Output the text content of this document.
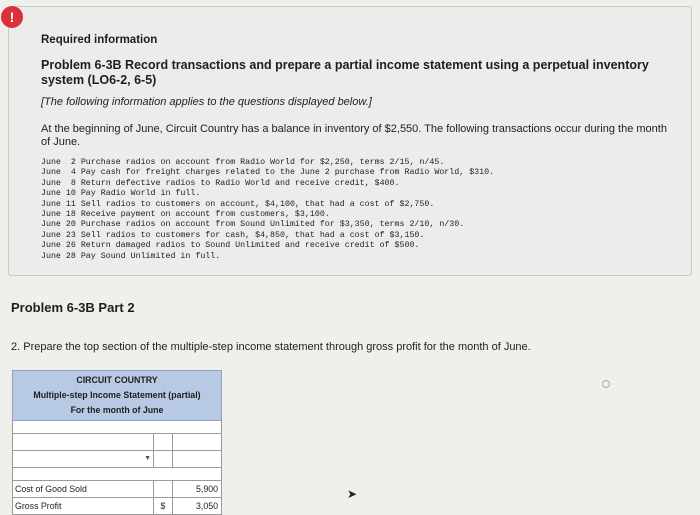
!
Required information
Problem 6-3B Record transactions and prepare a partial income statement using a perpetual inventory system (LO6-2, 6-5)
[The following information applies to the questions displayed below.]
At the beginning of June, Circuit Country has a balance in inventory of $2,550. The following transactions occur during the month of June.
June  2 Purchase radios on account from Radio World for $2,250, terms 2/15, n/45.
June  4 Pay cash for freight charges related to the June 2 purchase from Radio World, $310.
June  8 Return defective radios to Radio World and receive credit, $400.
June 10 Pay Radio World in full.
June 11 Sell radios to customers on account, $4,100, that had a cost of $2,750.
June 18 Receive payment on account from customers, $3,100.
June 20 Purchase radios on account from Sound Unlimited for $3,350, terms 2/10, n/30.
June 23 Sell radios to customers for cash, $4,850, that had a cost of $3,150.
June 26 Return damaged radios to Sound Unlimited and receive credit of $500.
June 28 Pay Sound Unlimited in full.
Problem 6-3B Part 2
2. Prepare the top section of the multiple-step income statement through gross profit for the month of June.
CIRCUIT COUNTRY
Multiple-step Income Statement (partial)
For the month of June
▼
Cost of Good Sold	5,900
Gross Profit	$	3,050
➤
